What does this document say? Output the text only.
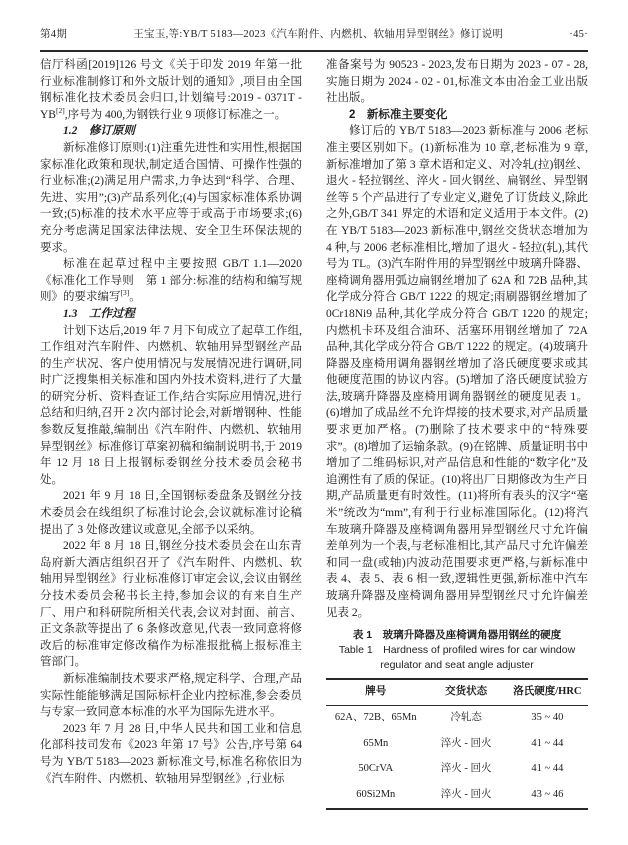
第4期	王宝玉,等:YB/T 5183—2023《汽车附件、内燃机、软轴用异型钢丝》修订说明	·45·

信厅科函[2019]126 号文《关于印发 2019 年第一批行业标准制修订和外文版计划的通知》,项目由全国钢标准化技术委员会归口,计划编号:2019 - 0371T - YB[2],序号为 400,为钢铁行业 9 项修订标准之一。

1.2　修订原则

新标准修订原则:(1)注重先进性和实用性,根据国家标准化政策和现状,制定适合国情、可操作性强的行业标准;(2)满足用户需求,力争达到“科学、合理、先进、实用”;(3)产品系列化;(4)与国家标准体系协调一致;(5)标准的技术水平应等于或高于市场要求;(6)充分考虑满足国家法律法规、安全卫生环保法规的要求。

标准在起草过程中主要按照 GB/T 1.1—2020《标准化工作导则　第 1 部分:标准的结构和编写规则》的要求编写[3]。

1.3　工作过程

计划下达后,2019 年 7 月下旬成立了起草工作组,工作组对汽车附件、内燃机、软轴用异型钢丝产品的生产状况、客户使用情况与发展情况进行调研,同时广泛搜集相关标准和国内外技术资料,进行了大量的研究分析、资料查证工作,结合实际应用情况,进行总结和归纳,召开 2 次内部讨论会,对新增钢种、性能参数反复推敲,编制出《汽车附件、内燃机、软轴用异型钢丝》标准修订草案初稿和编制说明书,于 2019 年 12 月 18 日上报钢标委钢丝分技术委员会秘书处。

2021 年 9 月 18 日,全国钢标委盘条及钢丝分技术委员会在线组织了标准讨论会,会议就标准讨论稿提出了 3 处修改建议或意见,全部予以采纳。

2022 年 8 月 18 日,钢丝分技术委员会在山东青岛府新大酒店组织召开了《汽车附件、内燃机、软轴用异型钢丝》行业标准修订审定会议,会议由钢丝分技术委员会秘书长主持,参加会议的有来自生产厂、用户和科研院所相关代表,会议对封面、前言、正文条款等提出了 6 条修改意见,代表一致同意将修改后的标准审定修改稿作为标准报批稿上报标准主管部门。

新标准编制技术要求严格,规定科学、合理,产品实际性能能够满足国际标杆企业内控标准,参会委员与专家一致同意本标准的水平为国际先进水平。

2023 年 7 月 28 日,中华人民共和国工业和信息化部科技司发布《2023 年第 17 号》公告,序号第 64 号为 YB/T 5183—2023 新标准文号,标准名称依旧为《汽车附件、内燃机、软轴用异型钢丝》,行业标

准备案号为 90523 - 2023,发布日期为 2023 - 07 - 28,实施日期为 2024 - 02 - 01,标准文本由冶金工业出版社出版。

2　新标准主要变化

修订后的 YB/T 5183—2023 新标准与 2006 老标准主要区别如下。(1)新标准为 10 章,老标准为 9 章,新标准增加了第 3 章术语和定义、对冷轧(拉)钢丝、退火 - 轻拉钢丝、淬火 - 回火钢丝、扁钢丝、异型钢丝等 5 个产品进行了专业定义,避免了订货歧义,除此之外,GB/T 341 界定的术语和定义适用于本文件。(2)在 YB/T 5183—2023 新标准中,钢丝交货状态增加为 4 种,与 2006 老标准相比,增加了退火 - 轻拉(轧),其代号为 TL。(3)汽车附件用的异型钢丝中玻璃升降器、座椅调角器用弧边扁钢丝增加了 62A 和 72B 品种,其化学成分符合 GB/T 1222 的规定;雨刷器钢丝增加了 0Cr18Ni9 品种,其化学成分符合 GB/T 1220 的规定;内燃机卡环及组合油环、活塞环用钢丝增加了 72A 品种,其化学成分符合 GB/T 1222 的规定。(4)玻璃升降器及座椅用调角器钢丝增加了洛氏硬度要求或其他硬度范围的协议内容。(5)增加了洛氏硬度试验方法,玻璃升降器及座椅用调角器钢丝的硬度见表 1。(6)增加了成品丝不允许焊接的技术要求,对产品质量要求更加严格。(7)删除了技术要求中的“特殊要求”。(8)增加了运输条款。(9)在铭牌、质量证明书中增加了二维码标识,对产品信息和性能的“数字化”及追溯性有了质的保证。(10)将出厂日期修改为生产日期,产品质量更有时效性。(11)将所有表头的汉字“毫米”统改为“mm”,有利于行业标准国际化。(12)将汽车玻璃升降器及座椅调角器用异型钢丝尺寸允许偏差单列为一个表,与老标准相比,其产品尺寸允许偏差和同一盘(或轴)内波动范围要求更严格,与新标准中表 4、表 5、表 6 相一致,逻辑性更强,新标准中汽车玻璃升降器及座椅调角器用异型钢丝尺寸允许偏差见表 2。

表 1　玻璃升降器及座椅调角器用钢丝的硬度
Table 1　Hardness of profiled wires for car window
regulator and seat angle adjuster
牌号	交货状态	洛氏硬度/HRC
62A、72B、65Mn	冷轧态	35 ~ 40
65Mn	淬火 - 回火	41 ~ 44
50CrVA	淬火 - 回火	41 ~ 44
60Si2Mn	淬火 - 回火	43 ~ 46
